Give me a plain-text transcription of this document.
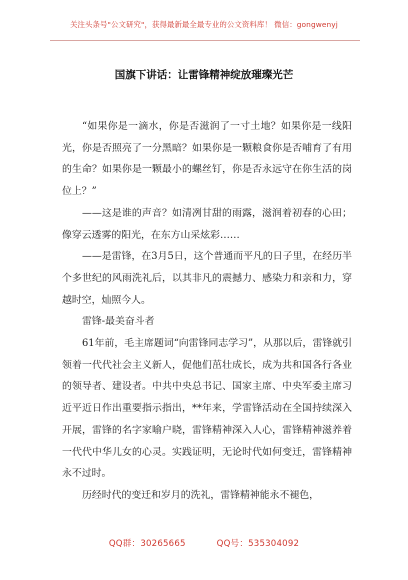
关注头条号"公文研究"，获得最新最全最专业的公文资料库！ 微信：gongwenyj
国旗下讲话：让雷锋精神绽放璀璨光芒

“如果你是一滴水，你是否滋润了一寸土地？如果你是一线阳光，你是否照亮了一分黑暗？如果你是一颗粮食你是否哺育了有用的生命？如果你是一颗最小的螺丝钉，你是否永远守在你生活的岗位上？”

——这是谁的声音？如清冽甘甜的雨露，滋润着初春的心田；像穿云透雾的阳光，在东方山采炫彩……

——是雷锋，在3月5日，这个普通而平凡的日子里，在经历半个多世纪的风雨洗礼后，以其非凡的震撼力、感染力和亲和力，穿越时空，灿照今人。

雷锋-最美奋斗者

61年前，毛主席题词“向雷锋同志学习”，从那以后，雷锋就引领着一代代社会主义新人，促他们茁壮成长，成为共和国各行各业的领导者、建设者。中共中央总书记、国家主席、中央军委主席习近平近日作出重要指示指出，**年来，学雷锋活动在全国持续深入开展，雷锋的名字家喻户晓，雷锋精神深入人心，雷锋精神滋养着一代代中华儿女的心灵。实践证明，无论时代如何变迁，雷锋精神永不过时。

历经时代的变迁和岁月的洗礼，雷锋精神能永不褪色，

QQ群：30265665	QQ号：535304092
